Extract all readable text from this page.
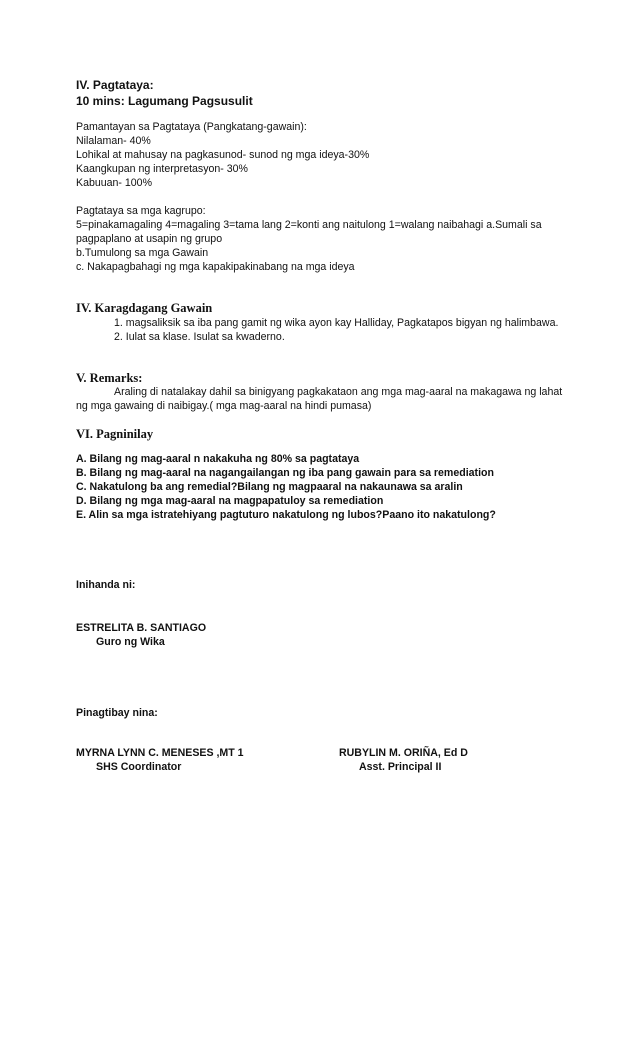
IV. Pagtataya:
10 mins: Lagumang Pagsusulit
Pamantayan sa Pagtataya (Pangkatang-gawain):
Nilalaman- 40%
Lohikal at mahusay na pagkasunod- sunod ng mga ideya-30%
Kaangkupan ng interpretasyon- 30%
Kabuuan- 100%
Pagtataya sa mga kagrupo:
5=pinakamagaling 4=magaling 3=tama lang 2=konti ang naitulong 1=walang naibahagi a.Sumali sa
pagpaplano at usapin ng grupo
b.Tumulong sa mga Gawain
c. Nakapagbahagi ng mga kapakipakinabang na mga ideya
IV. Karagdagang Gawain
1. magsaliksik sa iba pang gamit ng wika ayon kay Halliday, Pagkatapos bigyan ng halimbawa.
2. Iulat sa klase. Isulat sa kwaderno.
V. Remarks:
Araling di natalakay dahil sa binigyang pagkakataon ang mga mag-aaral na makagawa ng lahat
ng mga gawaing di naibigay.( mga mag-aaral na hindi pumasa)
VI. Pagninilay
A. Bilang ng mag-aaral n nakakuha ng 80% sa pagtataya
B. Bilang ng mag-aaral na nagangailangan ng iba pang gawain para sa remediation
C. Nakatulong ba ang remedial?Bilang ng magpaaral na nakaunawa sa aralin
D. Bilang ng mga mag-aaral na magpapatuloy sa remediation
E. Alin sa mga istratehiyang pagtuturo nakatulong ng lubos?Paano ito nakatulong?
Inihanda ni:
ESTRELITA B. SANTIAGO
Guro ng Wika
Pinagtibay nina:
MYRNA LYNN C. MENESES ,MT 1
SHS Coordinator
RUBYLIN M. ORIÑA, Ed D
Asst. Principal II
